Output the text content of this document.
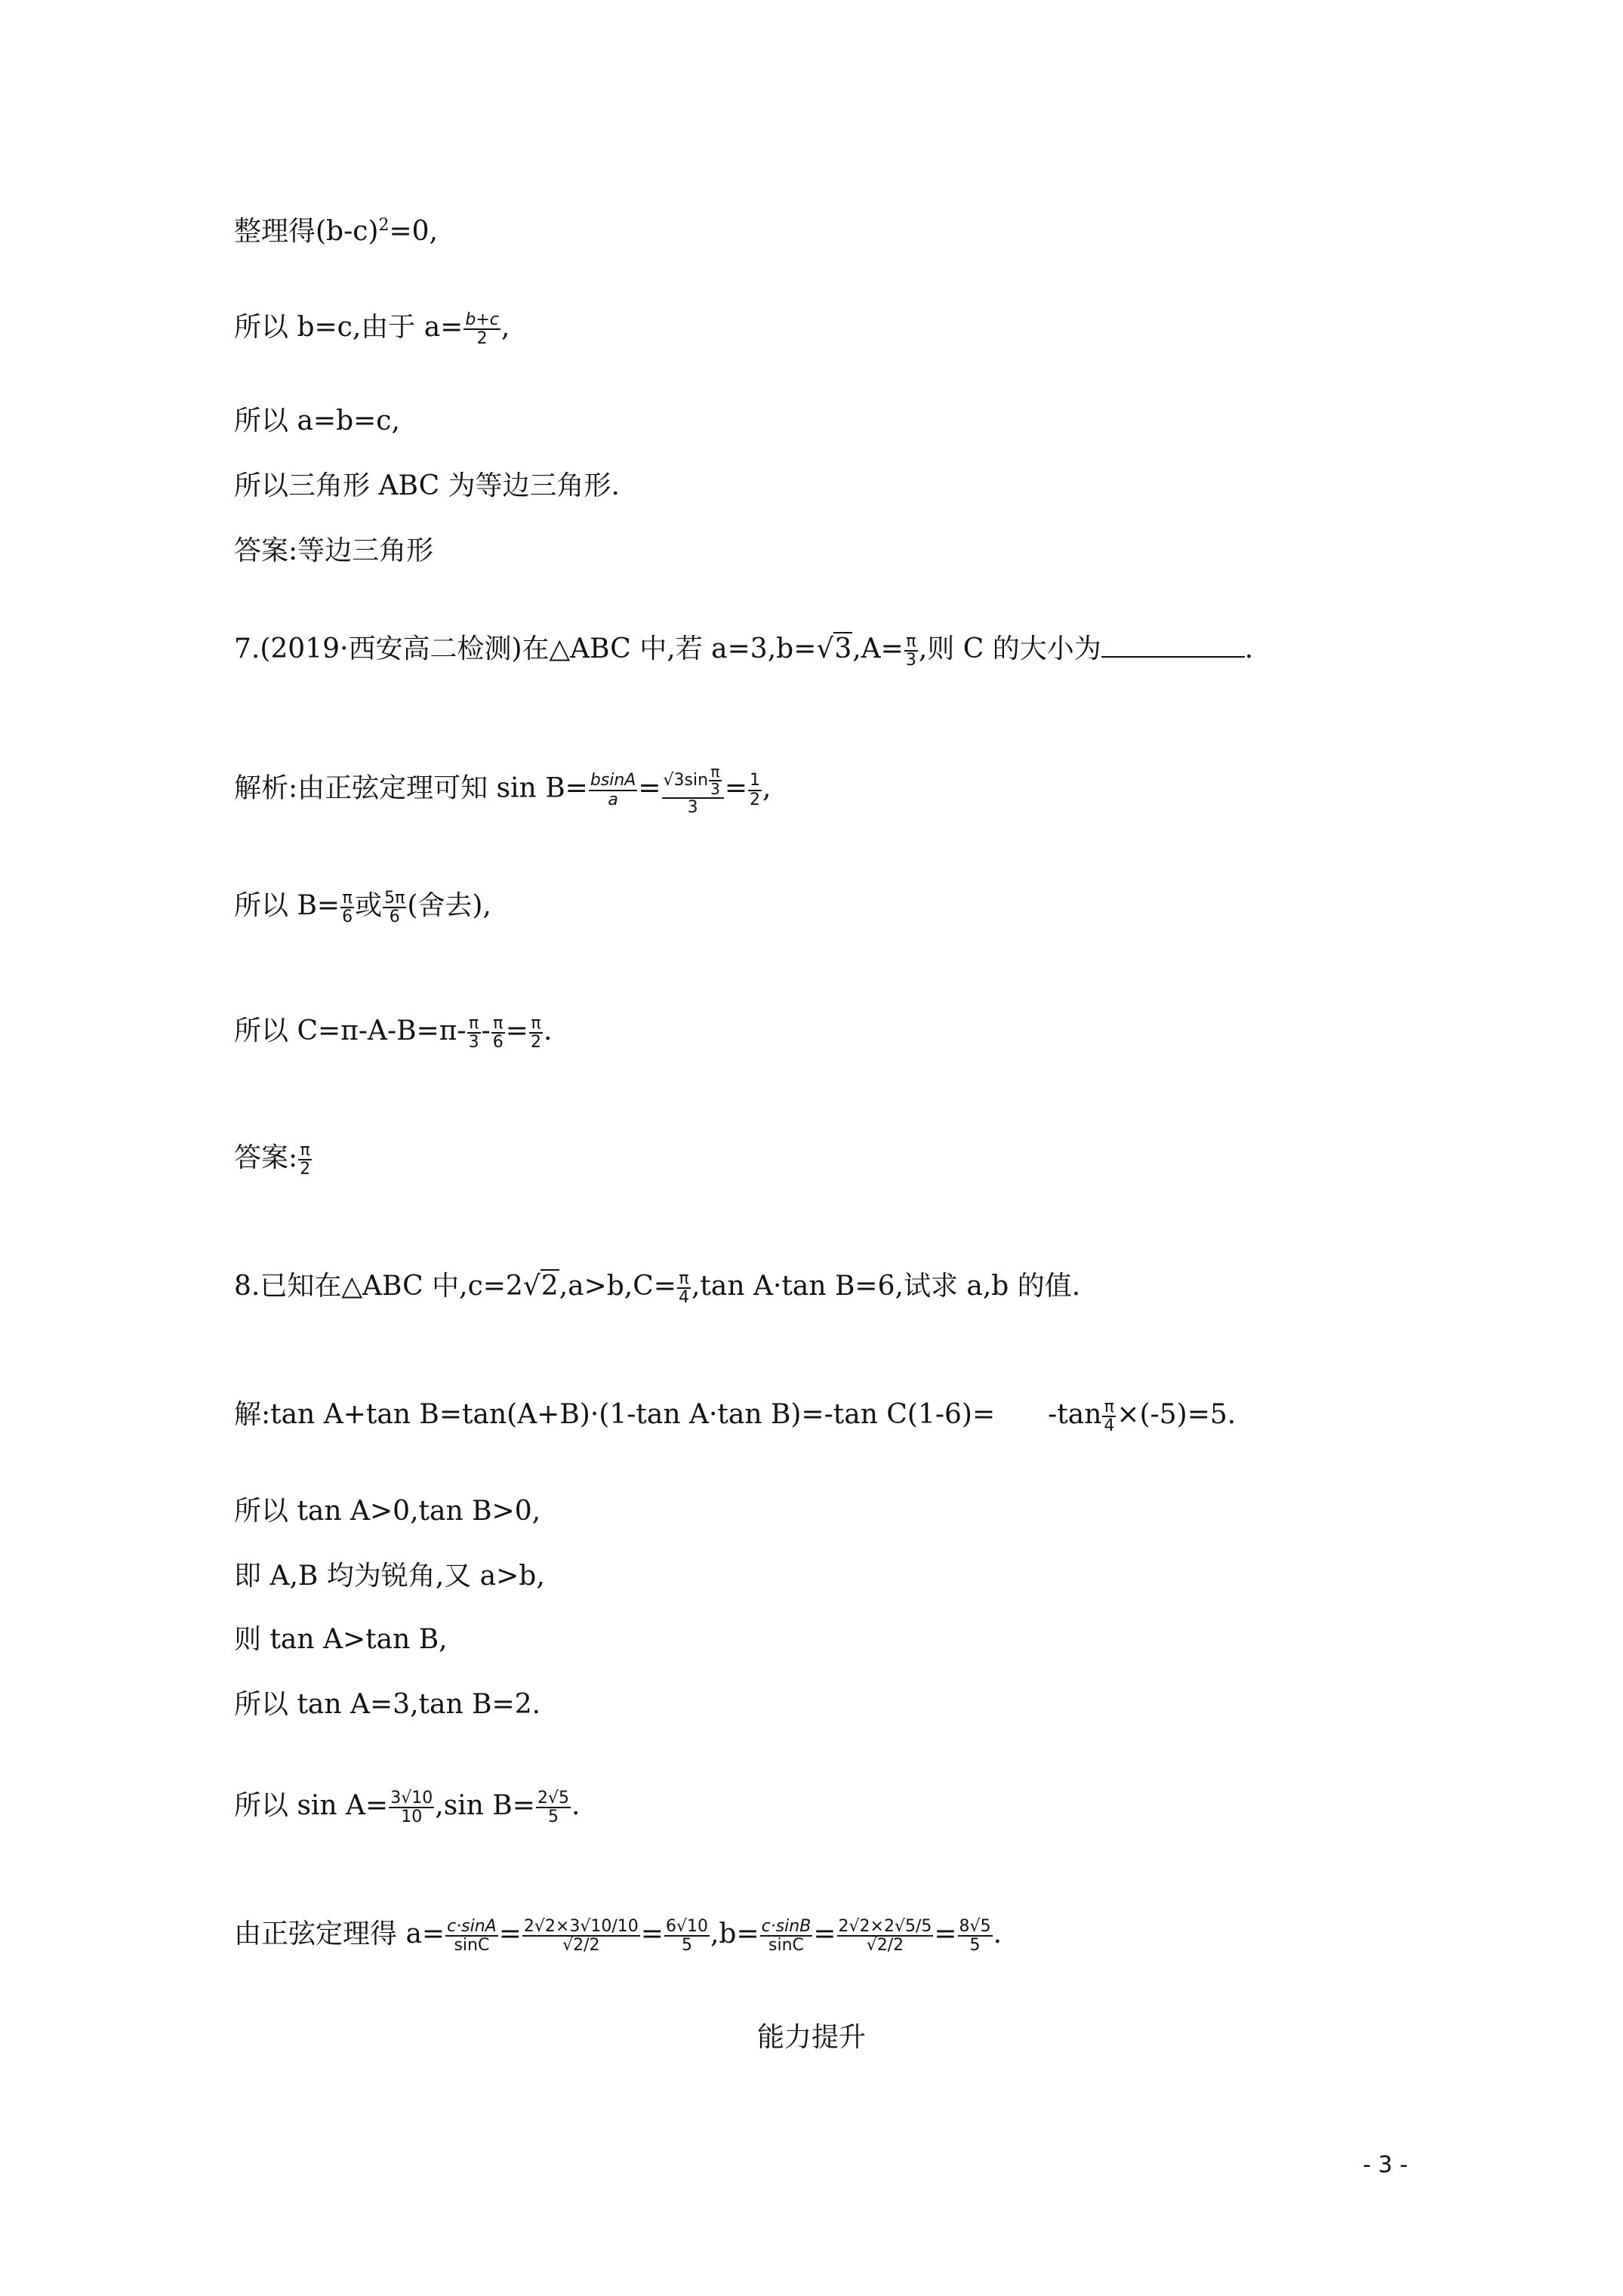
整理得$(b-c)^2=0$,
所以 b=c,由于 $a= \frac{b+c}{2}$ ,
所以 a=b=c,
所以三角形 ABC 为等边三角形.
答案:等边三角形
7.(2019·西安高二检测)在△ABC 中,若 $a=3,b=√3,A= \frac{\pi}{3}$ ,则 C 的大小为	.
解析:由正弦定理可知 $\sin B= \frac{bsinA}{a} = \frac{√3\sin \frac{\pi}{3}}{3} = \frac{1}{2}$ ,
所以 $B= \frac{\pi}{6}$ 或 $\frac{5\pi}{6}$ (舍去),
所以 $C=\pi-A-B=\pi- \frac{\pi}{3} - \frac{\pi}{6} = \frac{\pi}{2}$ .
答案: $\frac{\pi}{2}$
8.已知在△ABC 中$,c=2√2,a>b,C= \frac{\pi}{4} ,\tan$ A·tan B=6,试求 a,b 的值.
解:tan A+tan B=tan(A+B)·(1-tan A·tan B)=-tan $C(1-6)= -\tan \frac{\pi}{4} \times(-5)=5$.
所以 tan A>0,tan B>0,
即 A,B 均为锐角,又 a>b,
则 tan A>tan B,
所以 tan A=3,tan B=2.
所以 $\sin A= \frac{3√10}{10} ,\sin$ $B= \frac{2√5}{5}$ .
由正弦定理得 $a= \frac{c\cdot\sin A}{\sin C} = \frac{2√2\times 3√10/10}{√2/2} = \frac{6√10}{5} ,b= \frac{c\cdot\sin B}{\sin C} = \frac{2√2\times 2√5/5}{√2/2} = \frac{8√5}{5}$ .
能力提升
- 3 -
